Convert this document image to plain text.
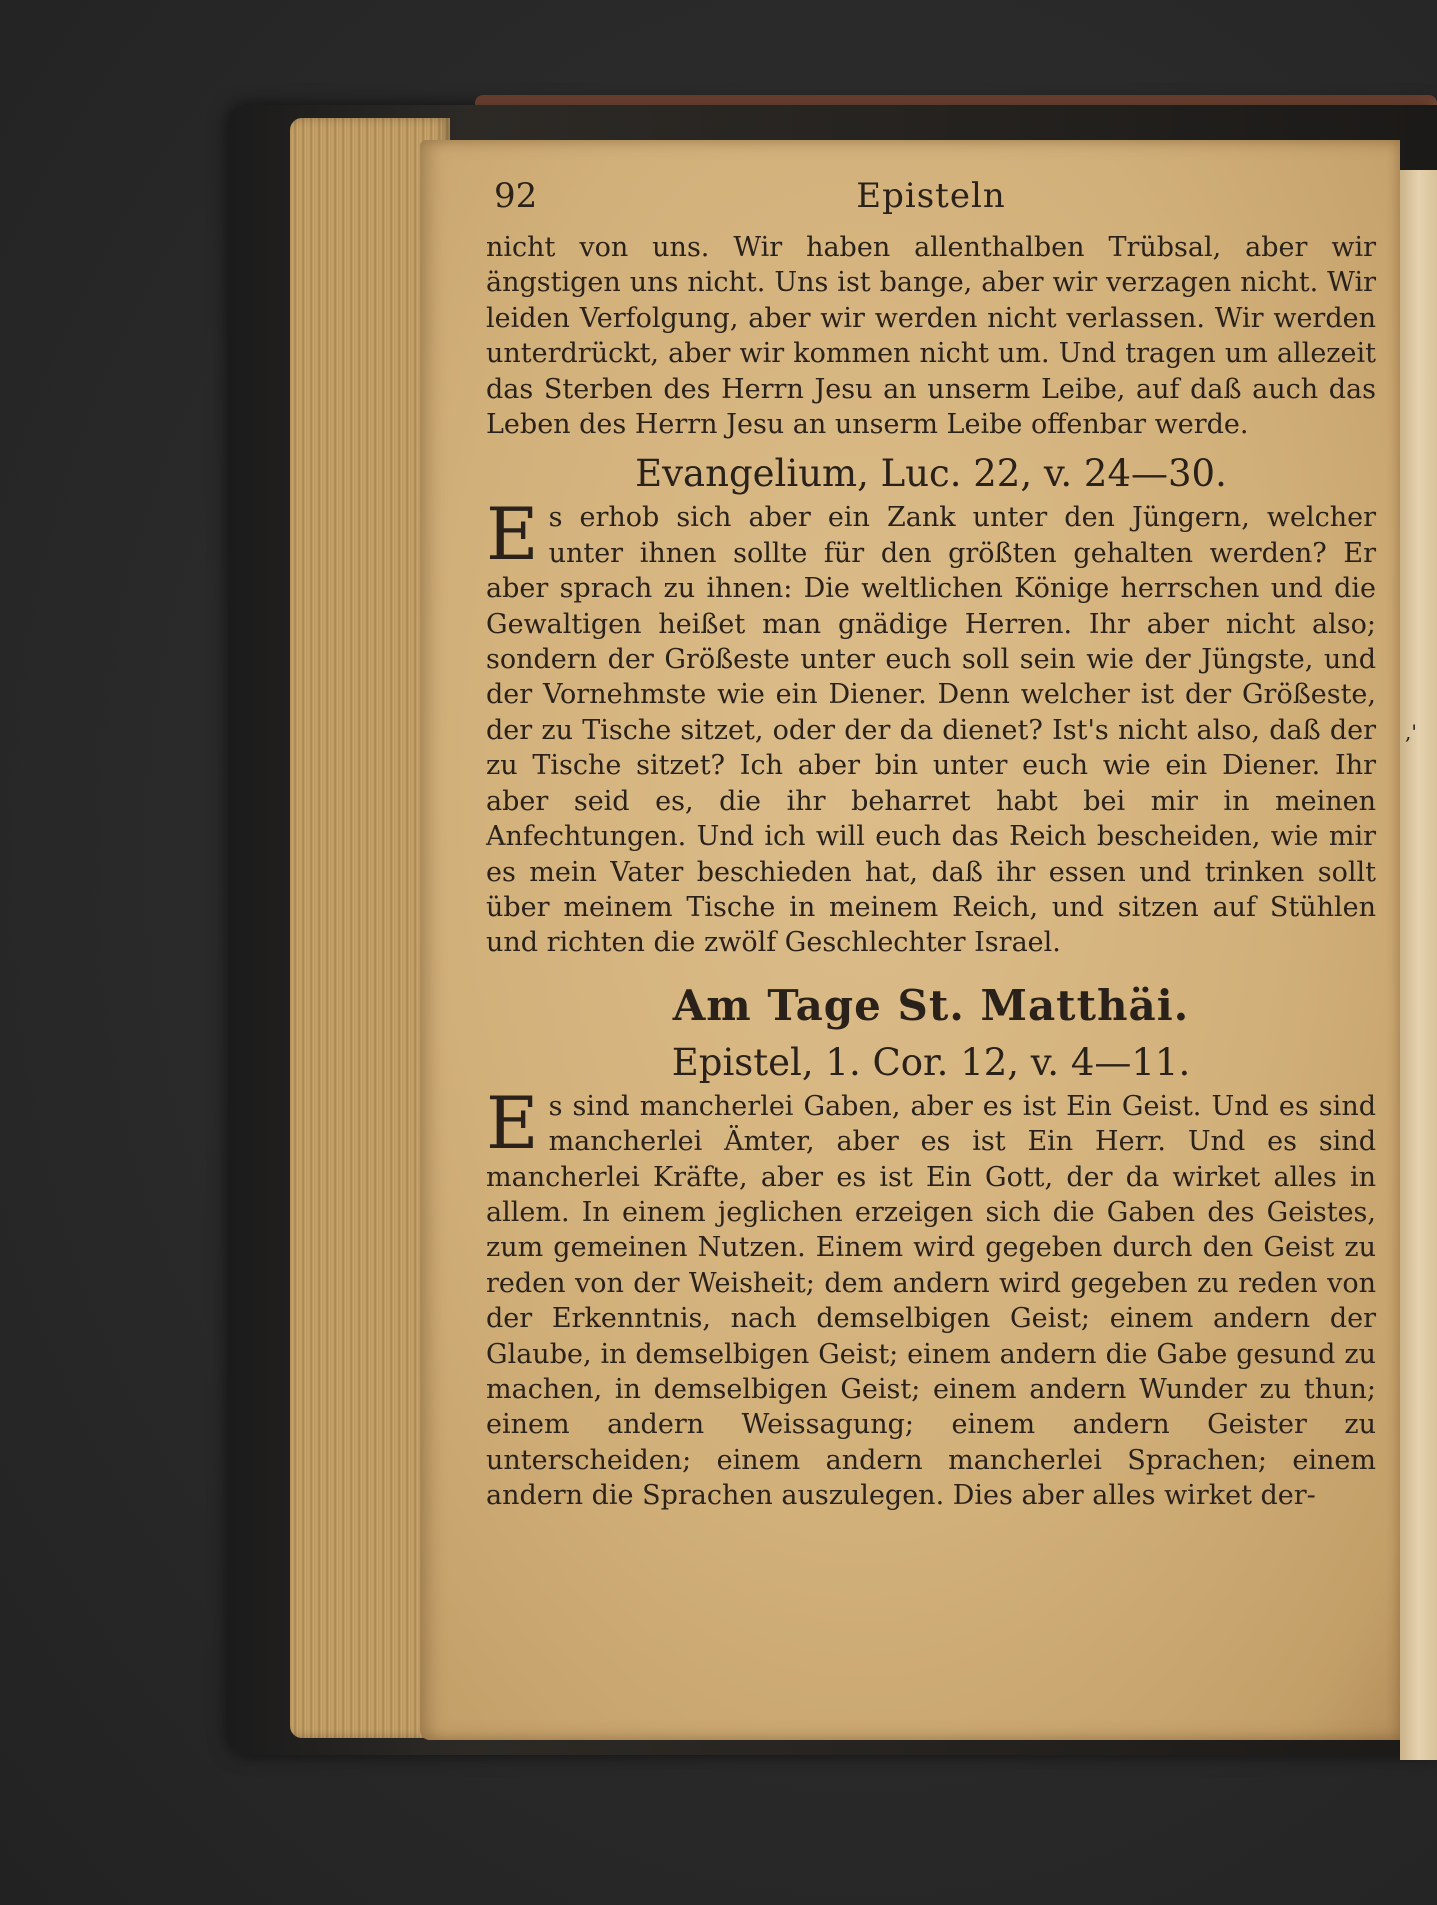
,'
92	Episteln

nicht von uns. Wir haben allenthalben Trübsal, aber wir ängstigen uns nicht. Uns ist bange, aber wir verzagen nicht. Wir leiden Verfolgung, aber wir werden nicht verlassen. Wir werden unterdrückt, aber wir kommen nicht um. Und tragen um allezeit das Sterben des Herrn Jesu an unserm Leibe, auf daß auch das Leben des Herrn Jesu an unserm Leibe offenbar werde.

Evangelium, Luc. 22, v. 24—30.

Es erhob sich aber ein Zank unter den Jüngern, welcher unter ihnen sollte für den größten gehalten werden? Er aber sprach zu ihnen: Die weltlichen Könige herrschen und die Gewaltigen heißet man gnädige Herren. Ihr aber nicht also; sondern der Größeste unter euch soll sein wie der Jüngste, und der Vornehmste wie ein Diener. Denn welcher ist der Größeste, der zu Tische sitzet, oder der da dienet? Ist's nicht also, daß der zu Tische sitzet? Ich aber bin unter euch wie ein Diener. Ihr aber seid es, die ihr beharret habt bei mir in meinen Anfechtungen. Und ich will euch das Reich bescheiden, wie mir es mein Vater beschieden hat, daß ihr essen und trinken sollt über meinem Tische in meinem Reich, und sitzen auf Stühlen und richten die zwölf Geschlechter Israel.

Am Tage St. Matthäi.
Epistel, 1. Cor. 12, v. 4—11.

Es sind mancherlei Gaben, aber es ist Ein Geist. Und es sind mancherlei Ämter, aber es ist Ein Herr. Und es sind mancherlei Kräfte, aber es ist Ein Gott, der da wirket alles in allem. In einem jeglichen erzeigen sich die Gaben des Geistes, zum gemeinen Nutzen. Einem wird gegeben durch den Geist zu reden von der Weisheit; dem andern wird gegeben zu reden von der Erkenntnis, nach demselbigen Geist; einem andern der Glaube, in demselbigen Geist; einem andern die Gabe gesund zu machen, in demselbigen Geist; einem andern Wunder zu thun; einem andern Weissagung; einem andern Geister zu unterscheiden; einem andern mancherlei Sprachen; einem andern die Sprachen auszulegen. Dies aber alles wirket der-
